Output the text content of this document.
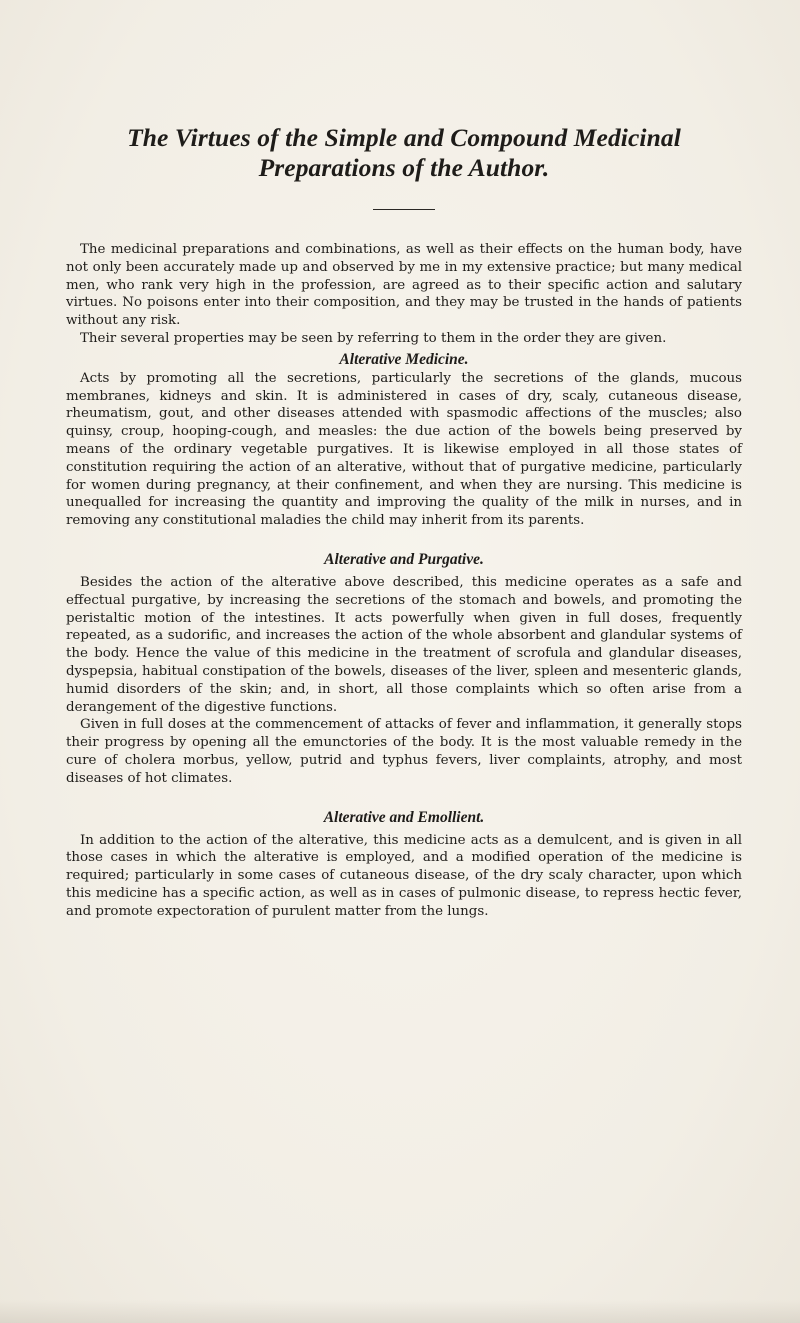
The Virtues of the Simple and Compound Medicinal
Preparations of the Author.

The medicinal preparations and combinations, as well as their effects on the human body, have not only been accurately made up and observed by me in my extensive practice; but many medical men, who rank very high in the profession, are agreed as to their specific action and salutary virtues. No poisons enter into their composition, and they may be trusted in the hands of patients without any risk.

Their several properties may be seen by referring to them in the order they are given.

Alterative Medicine.

Acts by promoting all the secretions, particularly the secretions of the glands, mucous membranes, kidneys and skin. It is administered in cases of dry, scaly, cutaneous disease, rheumatism, gout, and other diseases attended with spasmodic affections of the muscles; also quinsy, croup, hooping-cough, and measles: the due action of the bowels being preserved by means of the ordinary vegetable purgatives. It is likewise employed in all those states of constitution requiring the action of an alterative, without that of purgative medicine, particularly for women during pregnancy, at their confinement, and when they are nursing. This medicine is unequalled for increasing the quantity and improving the quality of the milk in nurses, and in removing any constitutional maladies the child may inherit from its parents.

Alterative and Purgative.

Besides the action of the alterative above described, this medicine operates as a safe and effectual purgative, by increasing the secretions of the stomach and bowels, and promoting the peristaltic motion of the intestines. It acts powerfully when given in full doses, frequently repeated, as a sudorific, and increases the action of the whole absorbent and glandular systems of the body. Hence the value of this medicine in the treatment of scrofula and glandular diseases, dyspepsia, habitual constipation of the bowels, diseases of the liver, spleen and mesenteric glands, humid disorders of the skin; and, in short, all those complaints which so often arise from a derangement of the digestive functions.

Given in full doses at the commencement of attacks of fever and inflammation, it generally stops their progress by opening all the emunctories of the body. It is the most valuable remedy in the cure of cholera morbus, yellow, putrid and typhus fevers, liver complaints, atrophy, and most diseases of hot climates.

Alterative and Emollient.

In addition to the action of the alterative, this medicine acts as a demulcent, and is given in all those cases in which the alterative is employed, and a modified operation of the medicine is required; particularly in some cases of cutaneous disease, of the dry scaly character, upon which this medicine has a specific action, as well as in cases of pulmonic disease, to repress hectic fever, and promote expectoration of purulent matter from the lungs.
